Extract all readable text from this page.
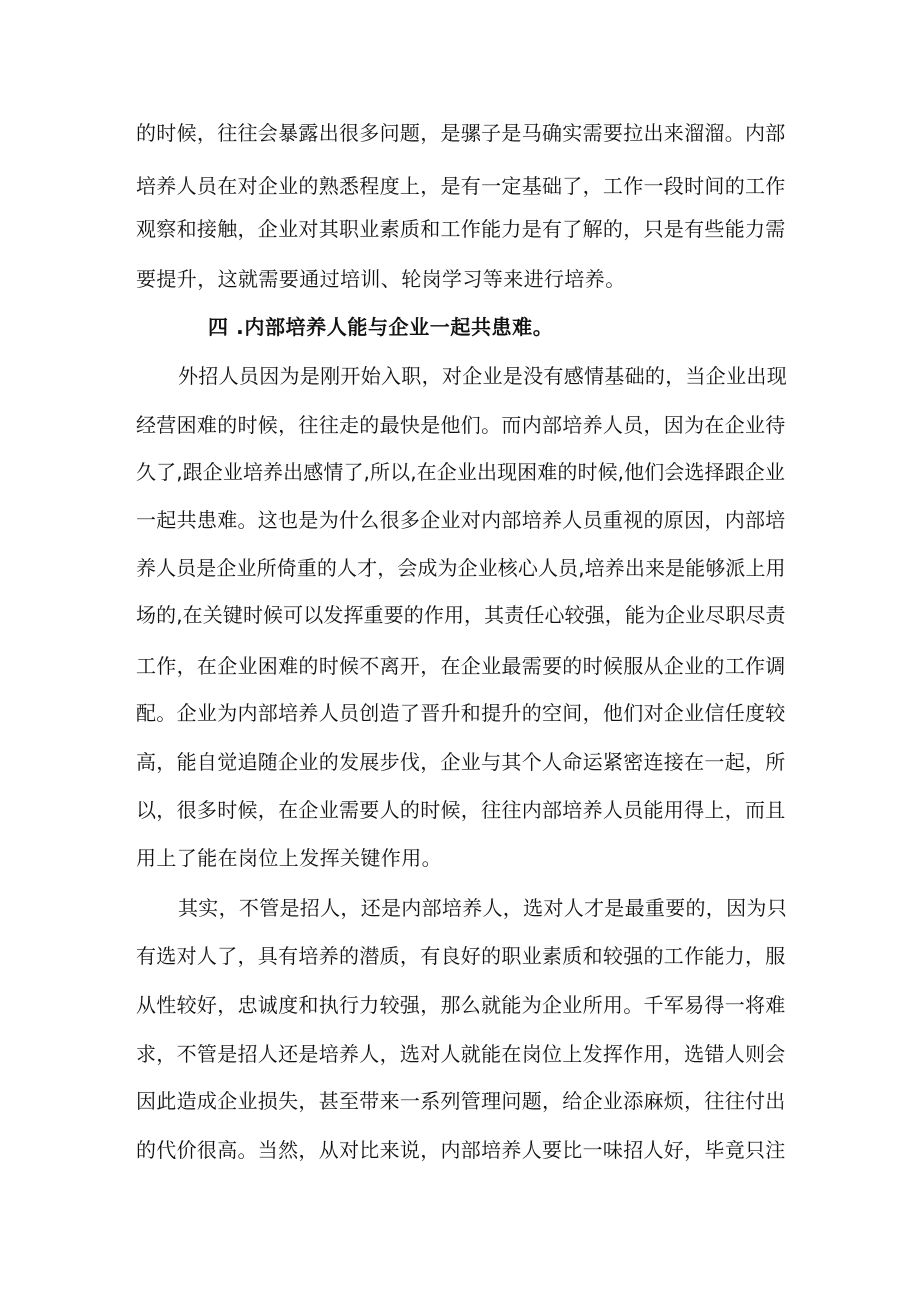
的时候，往往会暴露出很多问题，是骡子是马确实需要拉出来溜溜。内部
培养人员在对企业的熟悉程度上，是有一定基础了，工作一段时间的工作
观察和接触，企业对其职业素质和工作能力是有了解的，只是有些能力需
要提升，这就需要通过培训、轮岗学习等来进行培养。
四 .内部培养人能与企业一起共患难。
外招人员因为是刚开始入职，对企业是没有感情基础的，当企业出现
经营困难的时候，往往走的最快是他们。而内部培养人员，因为在企业待
久了,跟企业培养出感情了,所以,在企业出现困难的时候,他们会选择跟企业
一起共患难。这也是为什么很多企业对内部培养人员重视的原因，内部培
养人员是企业所倚重的人才，会成为企业核心人员,培养出来是能够派上用
场的,在关键时候可以发挥重要的作用，其责任心较强，能为企业尽职尽责
工作，在企业困难的时候不离开，在企业最需要的时候服从企业的工作调
配。企业为内部培养人员创造了晋升和提升的空间，他们对企业信任度较
高，能自觉追随企业的发展步伐，企业与其个人命运紧密连接在一起，所
以，很多时候，在企业需要人的时候，往往内部培养人员能用得上，而且
用上了能在岗位上发挥关键作用。
其实，不管是招人，还是内部培养人，选对人才是最重要的，因为只
有选对人了，具有培养的潜质，有良好的职业素质和较强的工作能力，服
从性较好，忠诚度和执行力较强，那么就能为企业所用。千军易得一将难
求，不管是招人还是培养人，选对人就能在岗位上发挥作用，选错人则会
因此造成企业损失，甚至带来一系列管理问题，给企业添麻烦，往往付出
的代价很高。当然，从对比来说，内部培养人要比一味招人好，毕竟只注
